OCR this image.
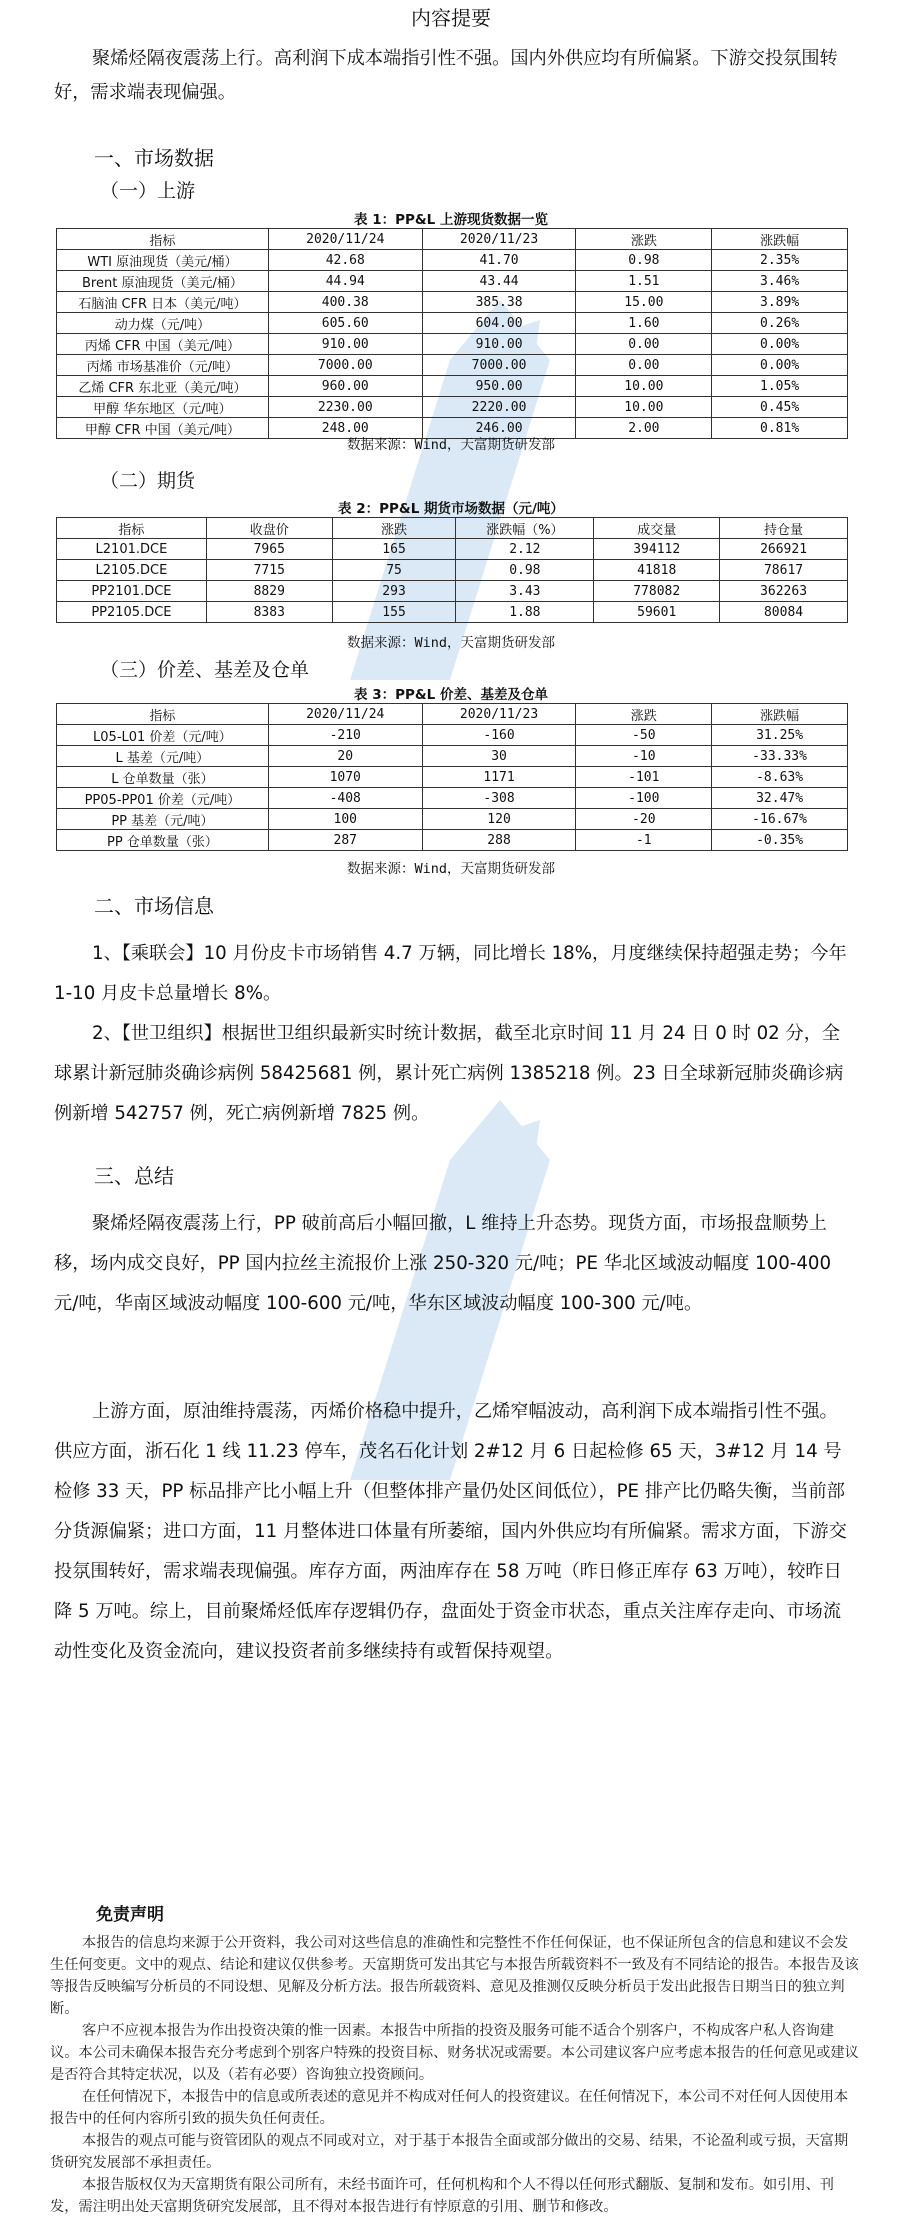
内容提要
聚烯烃隔夜震荡上行。高利润下成本端指引性不强。国内外供应均有所偏紧。下游交投氛围转好，需求端表现偏强。
一、市场数据
（一）上游
表 1：PP&L 上游现货数据一览
指标	2020/11/24	2020/11/23	涨跌	涨跌幅
WTI 原油现货（美元/桶）	42.68	41.70	0.98	2.35%
Brent 原油现货（美元/桶）	44.94	43.44	1.51	3.46%
石脑油 CFR 日本（美元/吨）	400.38	385.38	15.00	3.89%
动力煤（元/吨）	605.60	604.00	1.60	0.26%
丙烯 CFR 中国（美元/吨）	910.00	910.00	0.00	0.00%
丙烯 市场基准价（元/吨）	7000.00	7000.00	0.00	0.00%
乙烯 CFR 东北亚（美元/吨）	960.00	950.00	10.00	1.05%
甲醇 华东地区（元/吨）	2230.00	2220.00	10.00	0.45%
甲醇 CFR 中国（美元/吨）	248.00	246.00	2.00	0.81%
数据来源：Wind，天富期货研发部
（二）期货
表 2：PP&L 期货市场数据（元/吨）
指标	收盘价	涨跌	涨跌幅（%）	成交量	持仓量
L2101.DCE	7965	165	2.12	394112	266921
L2105.DCE	7715	75	0.98	41818	78617
PP2101.DCE	8829	293	3.43	778082	362263
PP2105.DCE	8383	155	1.88	59601	80084
数据来源：Wind，天富期货研发部
（三）价差、基差及仓单
表 3：PP&L 价差、基差及仓单
指标	2020/11/24	2020/11/23	涨跌	涨跌幅
L05-L01 价差（元/吨）	-210	-160	-50	31.25%
L 基差（元/吨）	20	30	-10	-33.33%
L 仓单数量（张）	1070	1171	-101	-8.63%
PP05-PP01 价差（元/吨）	-408	-308	-100	32.47%
PP 基差（元/吨）	100	120	-20	-16.67%
PP 仓单数量（张）	287	288	-1	-0.35%
数据来源：Wind，天富期货研发部
二、市场信息
1、【乘联会】10 月份皮卡市场销售 4.7 万辆，同比增长 18%，月度继续保持超强走势；今年 1-10 月皮卡总量增长 8%。
2、【世卫组织】根据世卫组织最新实时统计数据，截至北京时间 11 月 24 日 0 时 02 分，全球累计新冠肺炎确诊病例 58425681 例，累计死亡病例 1385218 例。23 日全球新冠肺炎确诊病例新增 542757 例，死亡病例新增 7825 例。
三、总结
聚烯烃隔夜震荡上行，PP 破前高后小幅回撤，L 维持上升态势。现货方面，市场报盘顺势上移，场内成交良好，PP 国内拉丝主流报价上涨 250-320 元/吨；PE 华北区域波动幅度 100-400 元/吨，华南区域波动幅度 100-600 元/吨，华东区域波动幅度 100-300 元/吨。
上游方面，原油维持震荡，丙烯价格稳中提升，乙烯窄幅波动，高利润下成本端指引性不强。供应方面，浙石化 1 线 11.23 停车，茂名石化计划 2#12 月 6 日起检修 65 天，3#12 月 14 号检修 33 天，PP 标品排产比小幅上升（但整体排产量仍处区间低位），PE 排产比仍略失衡，当前部分货源偏紧；进口方面，11 月整体进口体量有所萎缩，国内外供应均有所偏紧。需求方面，下游交投氛围转好，需求端表现偏强。库存方面，两油库存在 58 万吨（昨日修正库存 63 万吨），较昨日降 5 万吨。综上，目前聚烯烃低库存逻辑仍存，盘面处于资金市状态，重点关注库存走向、市场流动性变化及资金流向，建议投资者前多继续持有或暂保持观望。
免责声明
本报告的信息均来源于公开资料，我公司对这些信息的准确性和完整性不作任何保证，也不保证所包含的信息和建议不会发生任何变更。文中的观点、结论和建议仅供参考。天富期货可发出其它与本报告所载资料不一致及有不同结论的报告。本报告及该等报告反映编写分析员的不同设想、见解及分析方法。报告所载资料、意见及推测仅反映分析员于发出此报告日期当日的独立判断。
客户不应视本报告为作出投资决策的惟一因素。本报告中所指的投资及服务可能不适合个别客户，不构成客户私人咨询建议。本公司未确保本报告充分考虑到个别客户特殊的投资目标、财务状况或需要。本公司建议客户应考虑本报告的任何意见或建议是否符合其特定状况，以及（若有必要）咨询独立投资顾问。
在任何情况下，本报告中的信息或所表述的意见并不构成对任何人的投资建议。在任何情况下，本公司不对任何人因使用本报告中的任何内容所引致的损失负任何责任。
本报告的观点可能与资管团队的观点不同或对立，对于基于本报告全面或部分做出的交易、结果，不论盈利或亏损，天富期货研究发展部不承担责任。
本报告版权仅为天富期货有限公司所有，未经书面许可，任何机构和个人不得以任何形式翻版、复制和发布。如引用、刊发，需注明出处天富期货研究发展部，且不得对本报告进行有悖原意的引用、删节和修改。
